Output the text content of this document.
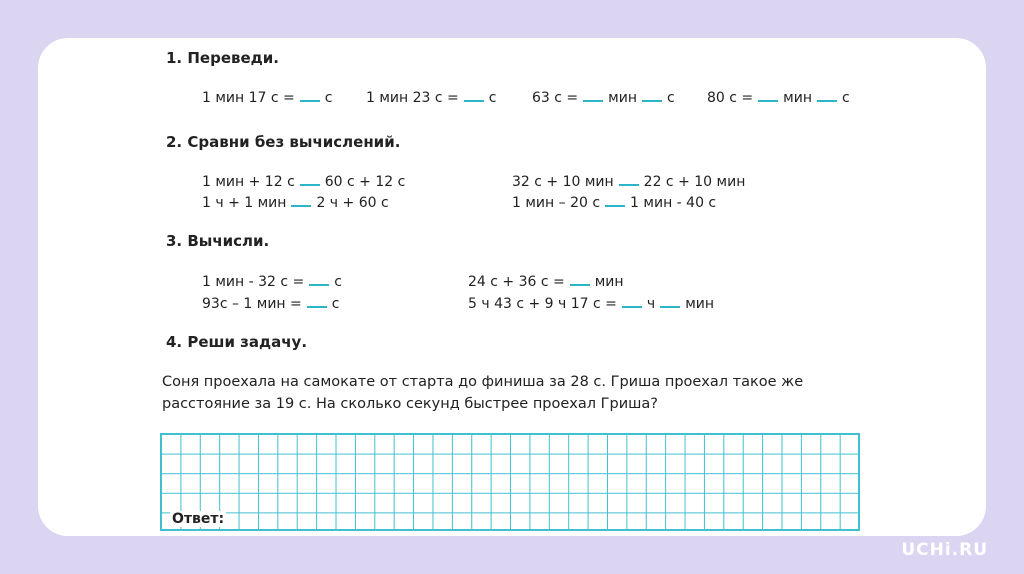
1. Переведи.
1 мин 17 с = с 1 мин 23 с = с	63 с = мин с 80 с = мин с
2. Сравни без вычислений.
1 мин + 12 с 60 с + 12 с	32 с + 10 мин 22 с + 10 мин
1 ч + 1 мин 2 ч + 60 с	1 мин – 20 с 1 мин - 40 с
3. Вычисли.
1 мин - 32 с = с	24 с + 36 с = мин
93с – 1 мин = с	5 ч 43 с + 9 ч 17 с = ч мин
4. Реши задачу.
Соня проехала на самокате от старта до финиша за 28 с. Гриша проехал такое же
расстояние за 19 с. На сколько секунд быстрее проехал Гриша?
Ответ:
UCHi.RU
